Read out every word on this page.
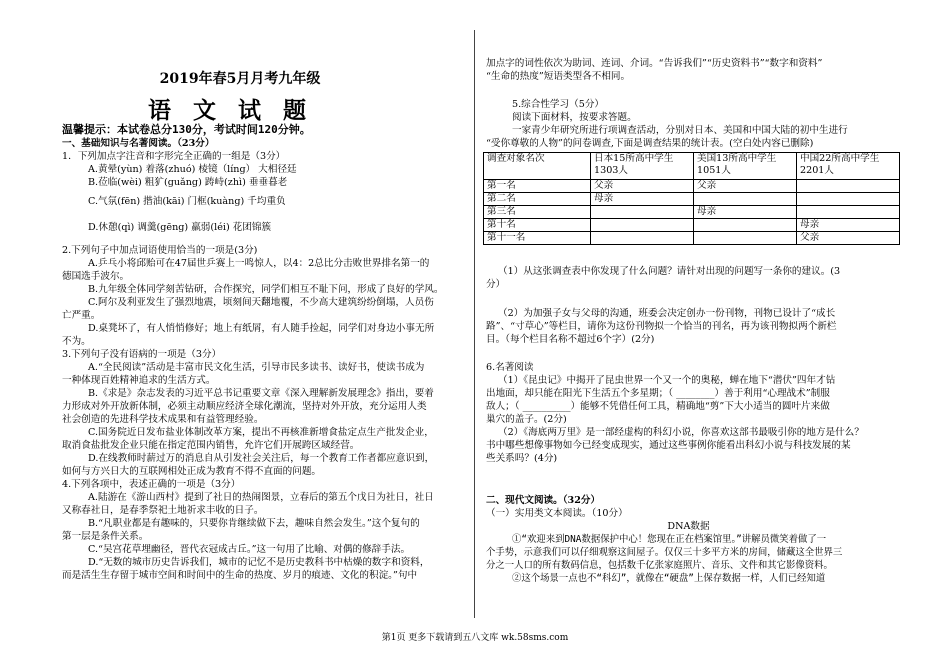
2019年春5月月考九年级
语文试题
温馨提示：本试卷总分130分，考试时间120分钟。
一、基础知识与名著阅读。（23分）
1．下列加点字注音和字形完全正确的一组是（3分）
A.黄晕(yùn) 着落(zhuó) 棱镜（líng） 大相径廷
B.莅临(wèi) 粗犷(guǎng) 踌峙(zhì) 垂垂暮老
C.气氛(fēn) 揩油(kāi) 门框(kuàng) 千均重负
D.休憩(qì) 调羹(gēng) 羸弱(léi) 花团锦簇
2.下列句子中加点词语使用恰当的一项是(3分)
A.乒乓小将邱贻可在47届世乒赛上一鸣惊人，以4：2总比分击败世界排名第一的
德国选手波尔。
B.九年级全体同学刻苦钻研，合作探究，同学们相互不耻下问，形成了良好的学风。
C.阿尔及利亚发生了强烈地震，顷刻间天翻地覆，不少高大建筑纷纷倒塌，人员伤
亡严重。
D.桌凳坏了，有人悄悄修好；地上有纸屑，有人随手捡起，同学们对身边小事无所
不为。
3.下列句子没有语病的一项是（3分）
A.“全民阅读”活动是丰富市民文化生活，引导市民多读书、读好书，使读书成为
一种体现百姓精神追求的生活方式。
B.《求是》杂志发表的习近平总书记重要文章《深入理解新发展理念》指出，要着
力形成对外开放新体制，必须主动顺应经济全球化潮流，坚持对外开放，充分运用人类
社会创造的先进科学技术成果和有益管理经验。
C.国务院近日发布盐业体制改革方案，提出不再核准新增食盐定点生产批发企业，
取消食盐批发企业只能在指定范围内销售，允许它们开展跨区域经营。
D.在线教师时薪过万的消息自从引发社会关注后，每一个教育工作者都应意识到，
如何与方兴日大的互联网相处正成为教育不得不直面的问题。
4.下列各项中，表述正确的一项是（3分）
A.陆游在《游山西村》提到了社日的热闹图景，立春后的第五个戊日为社日，社日
又称春社日，是春季祭祀土地祈求丰收的日子。
B.“凡职业都是有趣味的，只要你肯继续做下去，趣味自然会发生。”这个复句的
第一层是条件关系。
C.“吴宫花草埋幽径，晋代衣冠成古丘。”这一句用了比喻、对偶的修辞手法。
D.“无数的城市历史告诉我们，城市的记忆不是历史教科书中枯燥的数字和资料，
而是活生生存留于城市空间和时间中的生命的热度、岁月的痕迹、文化的积淀。”句中
加点字的词性依次为助词、连词、介词。“告诉我们”“历史资料书”“数字和资料”
“生命的热度”短语类型各不相同。
5.综合性学习（5分）
阅读下面材料，按要求答题。
一家青少年研究所进行项调查活动，分别对日本、美国和中国大陆的初中生进行
“受你尊敬的人物”的问卷调查,下面是调查结果的统计表。(空白处内容已删除)
（1）从这张调查表中你发现了什么问题？请针对出现的问题写一条你的建议。(3
分）
（2）为加强子女与父母的沟通，班委会决定创办一份刊物，刊物已设计了“成长
路”、“寸草心”等栏目，请你为这份刊物拟一个恰当的刊名，再为该刊物拟两个新栏
目。（每个栏目名称不超过6个字）(2分)
6.名著阅读
（1）《昆虫记》中揭开了昆虫世界一个又一个的奥秘，蝉在地下“潜伏”四年才钻
出地面，却只能在阳光下生活五个多星期；（ ________）善于利用“心理战术”制服
敌人；（ __________）能够不凭借任何工具，精确地“剪”下大小适当的圆叶片来做
巢穴的盖子。(2分)
（2）《海底两万里》是一部经虚构的科幻小说，你喜欢这部书最吸引你的地方是什么？
书中哪些想像事物如今已经变成现实，通过这些事例你能看出科幻小说与科技发展的某
些关系吗？(4分)
二、现代文阅读。（32分）
（一）实用类文本阅读。（10分）
DNA数据
①“欢迎来到DNA数据保护中心！您现在正在档案馆里。”讲解员微笑着做了一
个手势，示意我们可以仔细观察这间屋子。仅仅三十多平方米的房间，储藏这全世界三
分之一人口的所有数码信息，包括数千亿张家庭照片、音乐、文件和其它影像资料。
②这个场景一点也不“科幻”，就像在“硬盘”上保存数据一样，人们已经知道
调查对象名次	日本15所高中学生1303人	美国13所高中学生1051人	中国22所高中学生2201人
第一名	父亲	父亲	
第二名	母亲		
第三名		母亲	
第十名			母亲
第十一名			父亲
第1页 更多下载请到五八文库 wk.58sms.com
